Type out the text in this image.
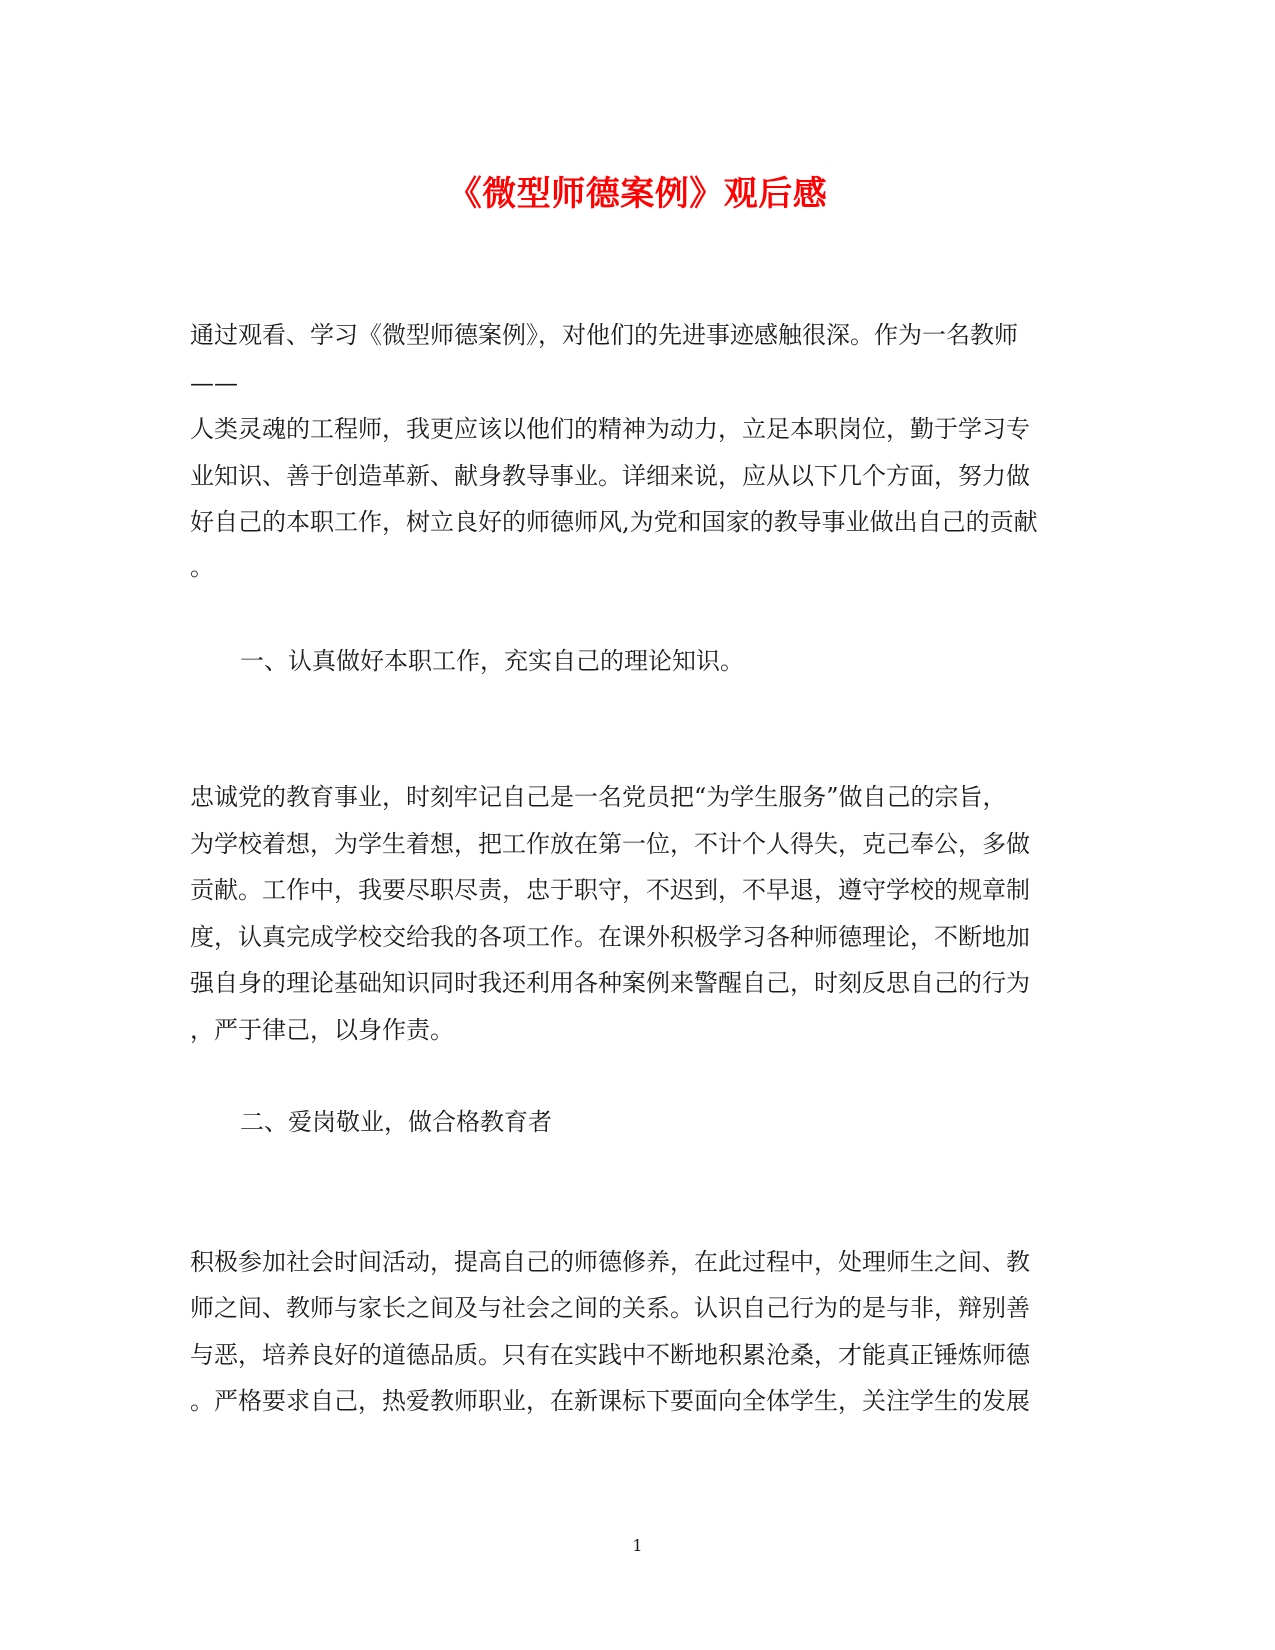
《微型师德案例》观后感
通过观看、学习《微型师德案例》，对他们的先进事迹感触很深。作为一名教师
——
人类灵魂的工程师，我更应该以他们的精神为动力，立足本职岗位，勤于学习专
业知识、善于创造革新、献身教导事业。详细来说，应从以下几个方面，努力做
好自己的本职工作，树立良好的师德师风,为党和国家的教导事业做出自己的贡献
。
一、认真做好本职工作，充实自己的理论知识。
忠诚党的教育事业，时刻牢记自己是一名党员把“为学生服务”做自己的宗旨，
为学校着想，为学生着想，把工作放在第一位，不计个人得失，克己奉公，多做
贡献。工作中，我要尽职尽责，忠于职守，不迟到，不早退，遵守学校的规章制
度，认真完成学校交给我的各项工作。在课外积极学习各种师德理论，不断地加
强自身的理论基础知识同时我还利用各种案例来警醒自己，时刻反思自己的行为
，严于律己，以身作责。
二、爱岗敬业，做合格教育者
积极参加社会时间活动，提高自己的师德修养，在此过程中，处理师生之间、教
师之间、教师与家长之间及与社会之间的关系。认识自己行为的是与非，辩别善
与恶，培养良好的道德品质。只有在实践中不断地积累沧桑，才能真正锤炼师德
。严格要求自己，热爱教师职业，在新课标下要面向全体学生，关注学生的发展
1
